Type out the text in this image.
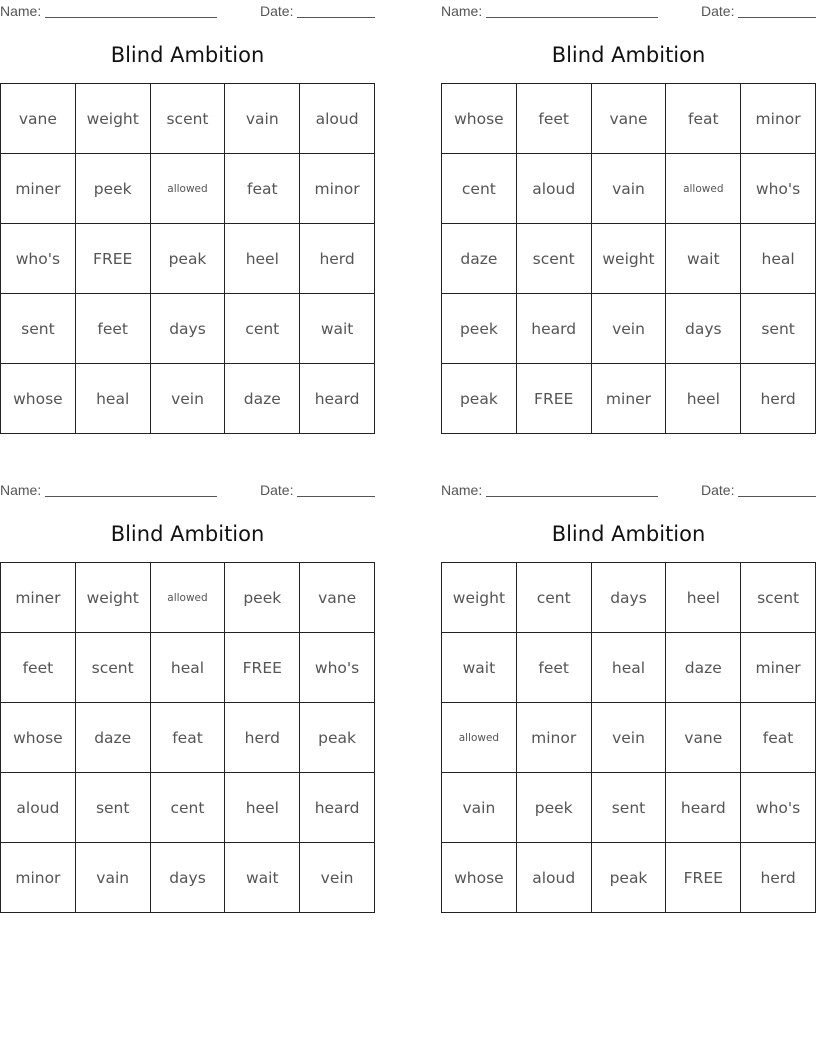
Name:	Date:
Blind Ambition
vane	weight	scent	vain	aloud
miner	peek	allowed	feat	minor
who's	FREE	peak	heel	herd
sent	feet	days	cent	wait
whose	heal	vein	daze	heard
Name:	Date:
Blind Ambition
whose	feet	vane	feat	minor
cent	aloud	vain	allowed	who's
daze	scent	weight	wait	heal
peek	heard	vein	days	sent
peak	FREE	miner	heel	herd
Name:	Date:
Blind Ambition
miner	weight	allowed	peek	vane
feet	scent	heal	FREE	who's
whose	daze	feat	herd	peak
aloud	sent	cent	heel	heard
minor	vain	days	wait	vein
Name:	Date:
Blind Ambition
weight	cent	days	heel	scent
wait	feet	heal	daze	miner
allowed	minor	vein	vane	feat
vain	peek	sent	heard	who's
whose	aloud	peak	FREE	herd
